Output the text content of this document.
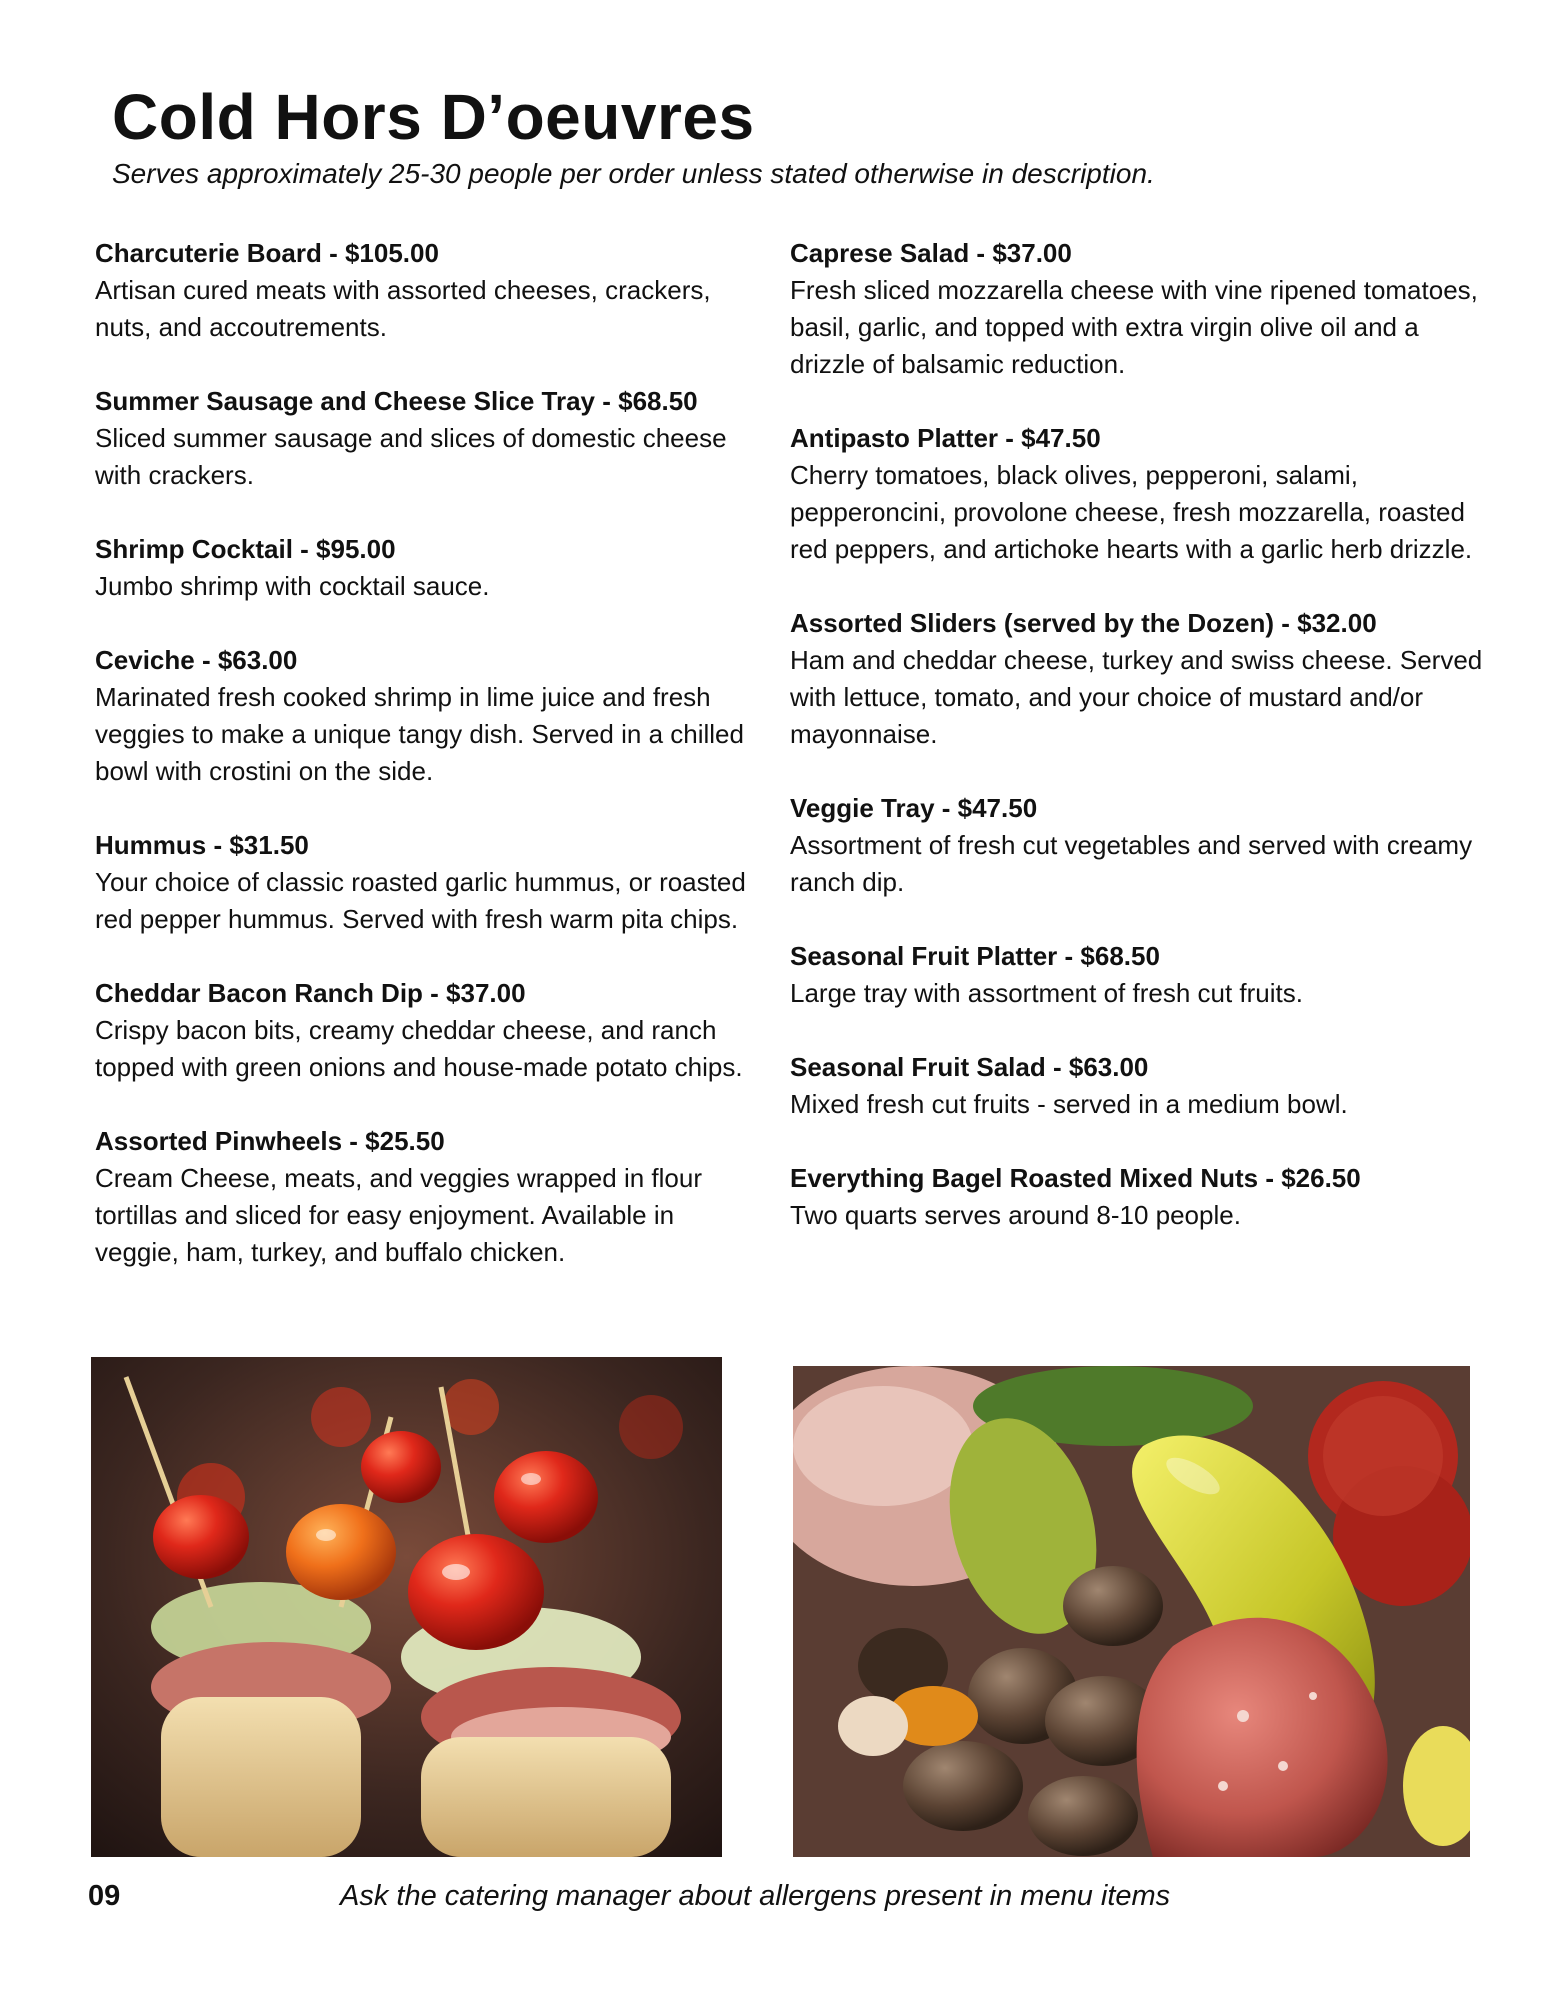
Cold Hors D’oeuvres

Serves approximately 25-30 people per order unless stated otherwise in description.

Charcuterie Board - $105.00
Artisan cured meats with assorted cheeses, crackers, nuts, and accoutrements.
Summer Sausage and Cheese Slice Tray - $68.50
Sliced summer sausage and slices of domestic cheese with crackers.
Shrimp Cocktail - $95.00
Jumbo shrimp with cocktail sauce.
Ceviche - $63.00
Marinated fresh cooked shrimp in lime juice and fresh veggies to make a unique tangy dish. Served in a chilled bowl with crostini on the side.
Hummus - $31.50
Your choice of classic roasted garlic hummus, or roasted red pepper hummus. Served with fresh warm pita chips.
Cheddar Bacon Ranch Dip - $37.00
Crispy bacon bits, creamy cheddar cheese, and ranch topped with green onions and house-made potato chips.
Assorted Pinwheels - $25.50
Cream Cheese, meats, and veggies wrapped in flour tortillas and sliced for easy enjoyment. Available in veggie, ham, turkey, and buffalo chicken.
Caprese Salad - $37.00
Fresh sliced mozzarella cheese with vine ripened tomatoes, basil, garlic, and topped with extra virgin olive oil and a drizzle of balsamic reduction.
Antipasto Platter - $47.50
Cherry tomatoes, black olives, pepperoni, salami, pepperoncini, provolone cheese, fresh mozzarella, roasted red peppers, and artichoke hearts with a garlic herb drizzle.
Assorted Sliders (served by the Dozen) - $32.00
Ham and cheddar cheese, turkey and swiss cheese. Served with lettuce, tomato, and your choice of mustard and/or mayonnaise.
Veggie Tray - $47.50
Assortment of fresh cut vegetables and served with creamy ranch dip.
Seasonal Fruit Platter - $68.50
Large tray with assortment of fresh cut fruits.
Seasonal Fruit Salad - $63.00
Mixed fresh cut fruits - served in a medium bowl.
Everything Bagel Roasted Mixed Nuts - $26.50
Two quarts serves around 8-10 people.
09	Ask the catering manager about allergens present in menu items
